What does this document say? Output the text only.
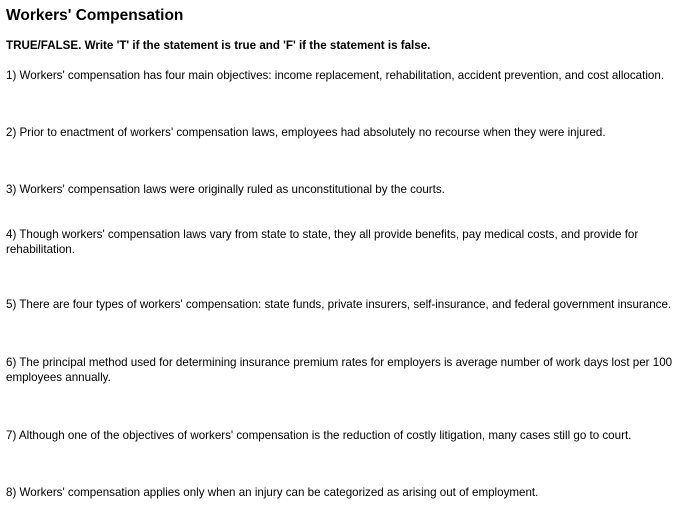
Workers' Compensation
TRUE/FALSE. Write 'T' if the statement is true and 'F' if the statement is false.
1) Workers' compensation has four main objectives: income replacement, rehabilitation, accident prevention, and cost allocation.
2) Prior to enactment of workers' compensation laws, employees had absolutely no recourse when they were injured.
3) Workers' compensation laws were originally ruled as unconstitutional by the courts.
4) Though workers' compensation laws vary from state to state, they all provide benefits, pay medical costs, and provide for rehabilitation.
5) There are four types of workers' compensation: state funds, private insurers, self-insurance, and federal government insurance.
6) The principal method used for determining insurance premium rates for employers is average number of work days lost per 100 employees annually.
7) Although one of the objectives of workers' compensation is the reduction of costly litigation, many cases still go to court.
8) Workers' compensation applies only when an injury can be categorized as arising out of employment.
